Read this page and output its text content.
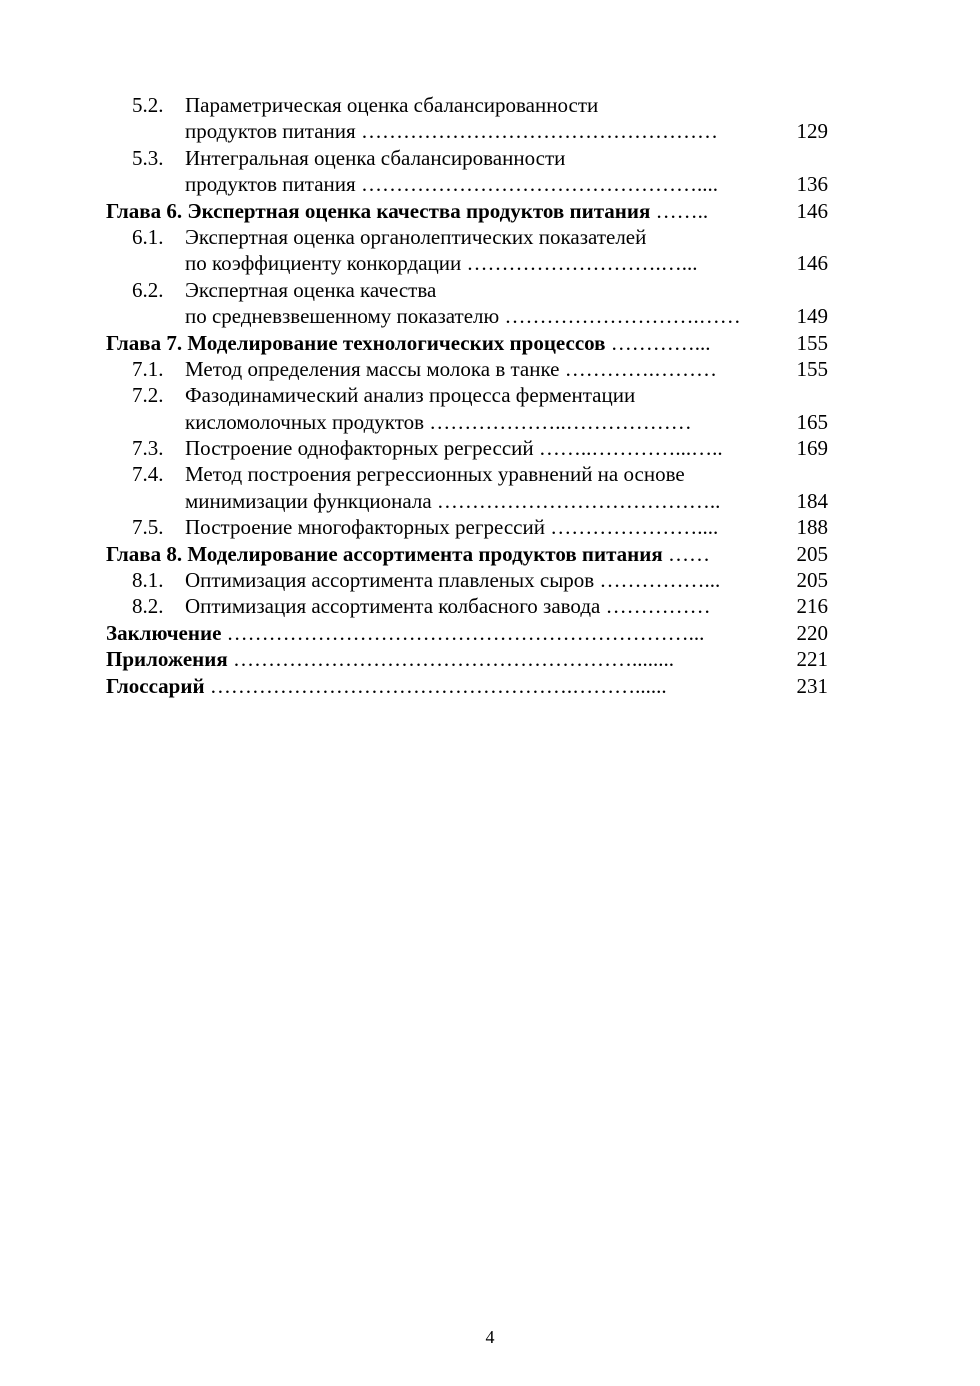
5.2. Параметрическая оценка сбалансированности
продуктов питания ……………………………………………	129
5.3. Интегральная оценка сбалансированности
продуктов питания …………………………………………....	136
Глава 6. Экспертная оценка качества продуктов питания ……..	146
6.1. Экспертная оценка органолептических показателей
по коэффициенту конкордации ……………………….…...	146
6.2. Экспертная оценка качества
по средневзвешенному показателю ……………………….……	149
Глава 7. Моделирование технологических процессов …………...	155
7.1. Метод определения массы молока в танке ………….………	155
7.2. Фазодинамический анализ процесса ферментации
кисломолочных продуктов ………………..………………	165
7.3. Построение однофакторных регрессий ……..…………...…..	169
7.4. Метод построения регрессионных уравнений на основе
минимизации функционала …………………………………..	184
7.5. Построение многофакторных регрессий …………………....	188
Глава 8. Моделирование ассортимента продуктов питания ……	205
8.1. Оптимизация ассортимента плавленых сыров ……………...	205
8.2. Оптимизация ассортимента колбасного завода ……………	216
Заключение …………………………………………………………...	220
Приложения …………………………………………………........	221
Глоссарий …………………………………………….………......	231
4
